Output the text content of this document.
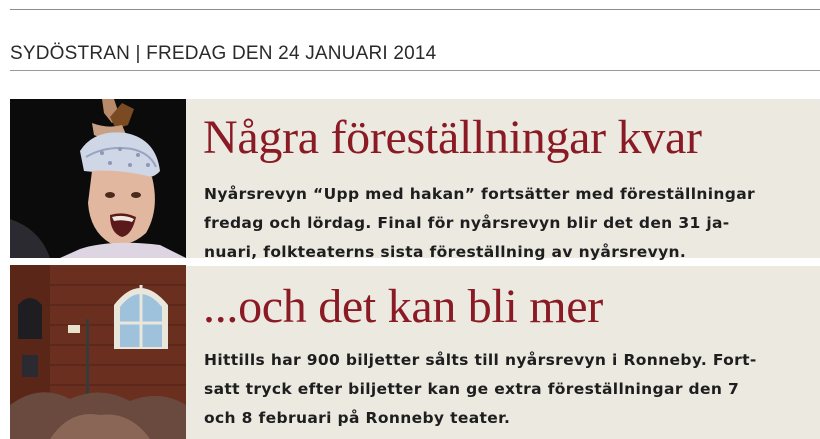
SYDÖSTRAN | FREDAG DEN 24 JANUARI 2014
Några föreställningar kvar
Nyårsrevyn “Upp med hakan” fortsätter med föreställningar
fredag och lördag. Final för nyårsrevyn blir det den 31 ja-
nuari, folkteaterns sista föreställning av nyårsrevyn.
...och det kan bli mer
Hittills har 900 biljetter sålts till nyårsrevyn i Ronneby. Fort-
satt tryck efter biljetter kan ge extra föreställningar den 7
och 8 februari på Ronneby teater.
